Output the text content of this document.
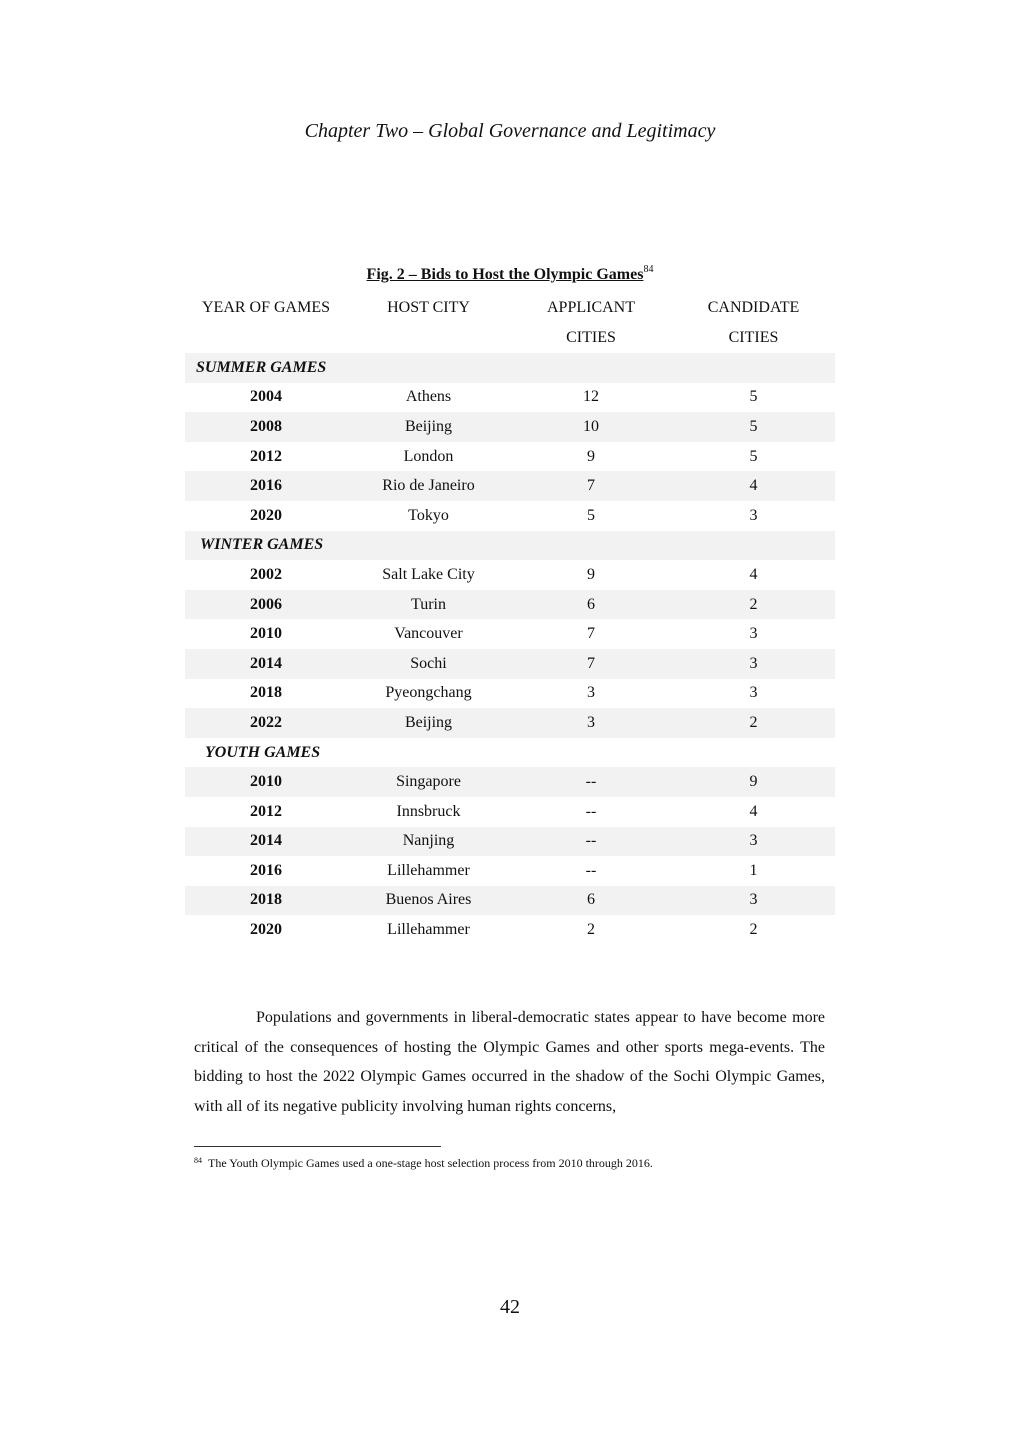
Chapter Two – Global Governance and Legitimacy
Fig. 2 – Bids to Host the Olympic Games$^{84}$
YEAR OF GAMES	HOST CITY	APPLICANT	CANDIDATE
		CITIES	CITIES
SUMMER GAMES			
2004	Athens	12	5
2008	Beijing	10	5
2012	London	9	5
2016	Rio de Janeiro	7	4
2020	Tokyo	5	3
WINTER GAMES			
2002	Salt Lake City	9	4
2006	Turin	6	2
2010	Vancouver	7	3
2014	Sochi	7	3
2018	Pyeongchang	3	3
2022	Beijing	3	2
YOUTH GAMES			
2010	Singapore	--	9
2012	Innsbruck	--	4
2014	Nanjing	--	3
2016	Lillehammer	--	1
2018	Buenos Aires	6	3
2020	Lillehammer	2	2
Populations and governments in liberal-democratic states appear to have become more critical of the consequences of hosting the Olympic Games and other sports mega-events. The bidding to host the 2022 Olympic Games occurred in the shadow of the Sochi Olympic Games, with all of its negative publicity involving human rights concerns,
$^{84}$ The Youth Olympic Games used a one-stage host selection process from 2010 through 2016.
42
